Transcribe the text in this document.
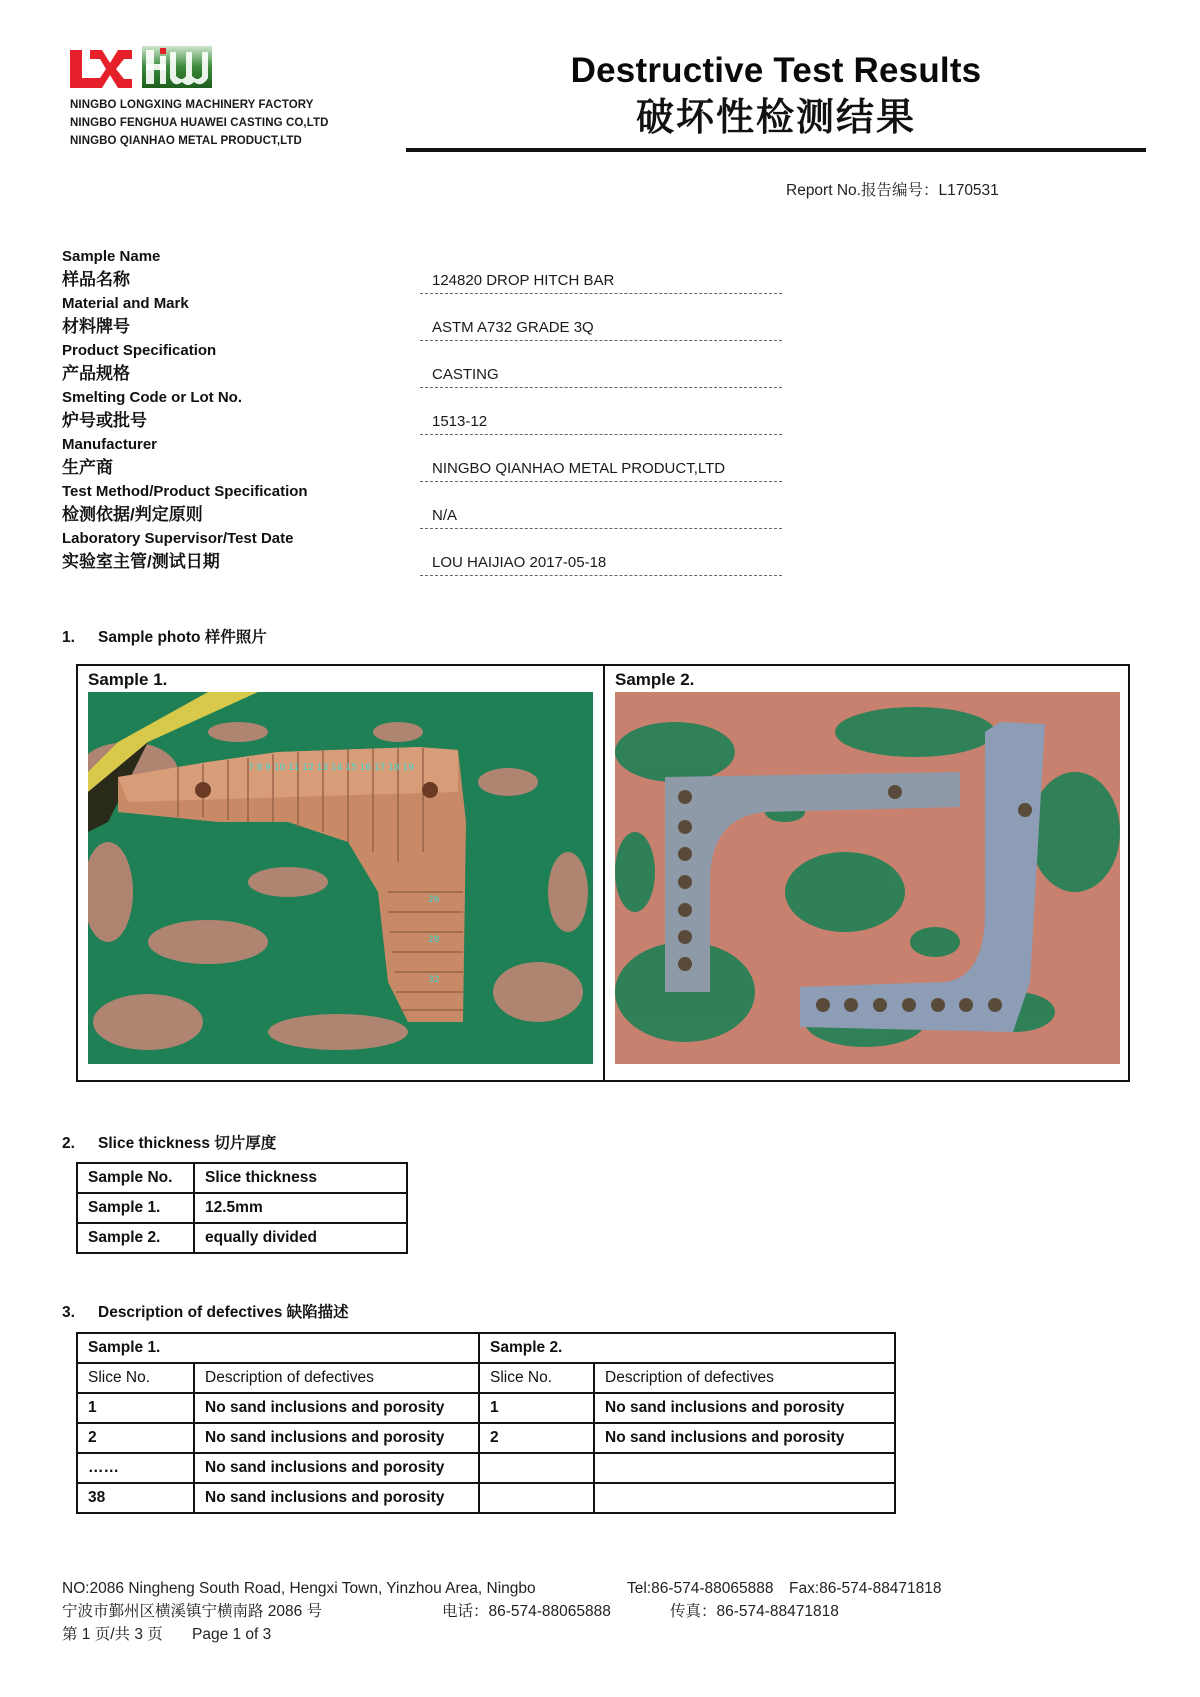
NINGBO LONGXING MACHINERY FACTORY
NINGBO FENGHUA HUAWEI CASTING CO,LTD
NINGBO QIANHAO METAL PRODUCT,LTD
Destructive Test Results
破坏性检测结果
Report No.报告编号：L170531
Sample Name
样品名称	124820 DROP HITCH BAR
Material and Mark
材料牌号	ASTM A732 GRADE 3Q
Product Specification
产品规格	CASTING
Smelting Code or Lot No.
炉号或批号	1513-12
Manufacturer
生产商	NINGBO QIANHAO METAL PRODUCT,LTD
Test Method/Product Specification
检测依据/判定原则	N/A
Laboratory Supervisor/Test Date
实验室主管/测试日期	LOU HAIJIAO 2017-05-18
1. Sample photo 样件照片
Sample 1.
7 8 9 10 11 12 13 14 15 16 17 18 19
26
28
32
Sample 2.
2. Slice thickness 切片厚度
Sample No.	Slice thickness
Sample 1.	12.5mm
Sample 2.	equally divided
3. Description of defectives 缺陷描述
Sample 1.		Sample 2.	
Slice No.	Description of defectives	Slice No.	Description of defectives
1	No sand inclusions and porosity	1	No sand inclusions and porosity
2	No sand inclusions and porosity	2	No sand inclusions and porosity
……	No sand inclusions and porosity		
38	No sand inclusions and porosity		
NO:2086 Ningheng South Road, Hengxi Town, Yinzhou Area, Ningbo	Tel:86-574-88065888 Fax:86-574-88471818
宁波市鄞州区横溪镇宁横南路 2086 号	电话：86-574-88065888	传真：86-574-88471818
第 1 页/共 3 页 Page 1 of 3
